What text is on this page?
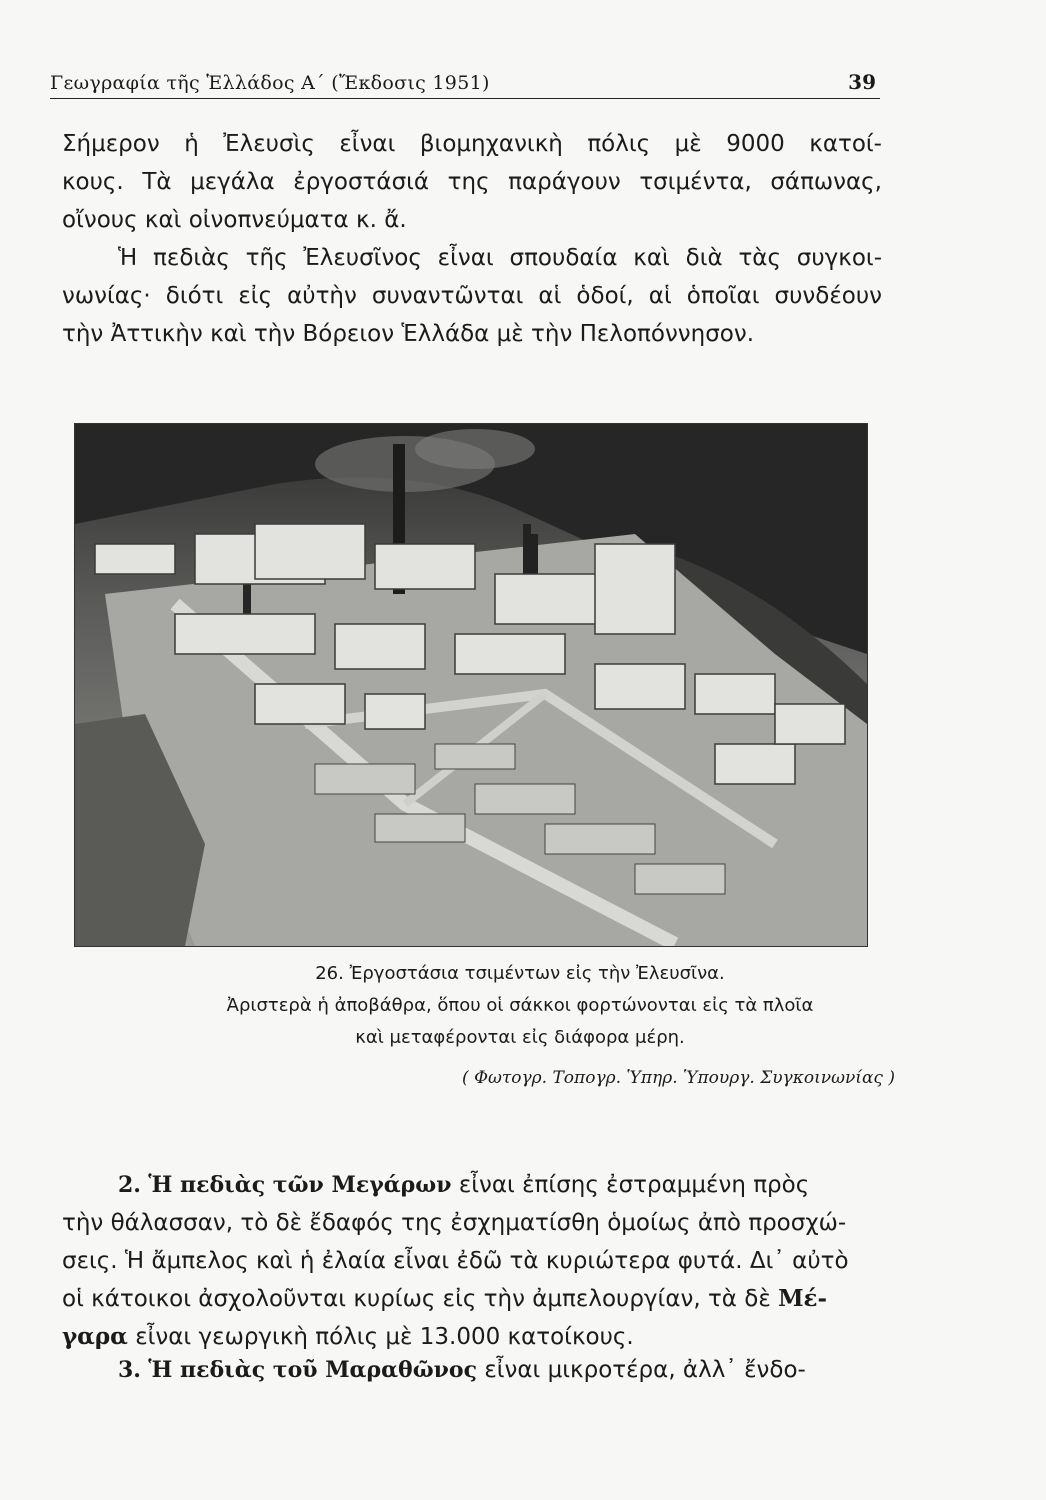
Γεωγραφία τῆς Ἑλλάδος Α΄ (Ἔκδοσις 1951)	39

Σήμερον ἡ Ἐλευσὶς εἶναι βιομηχανικὴ πόλις μὲ 9000 κατοί-
κους. Τὰ μεγάλα ἐργοστάσιά της παράγουν τσιμέντα, σάπωνας,
οἴνους καὶ οἰνοπνεύματα κ. ἄ.

Ἡ πεδιὰς τῆς Ἐλευσῖνος εἶναι σπουδαία καὶ διὰ τὰς συγκοι-
νωνίας· διότι εἰς αὐτὴν συναντῶνται αἱ ὁδοί, αἱ ὁποῖαι συνδέουν
τὴν Ἀττικὴν καὶ τὴν Βόρειον Ἑλλάδα μὲ τὴν Πελοπόννησον.

26. Ἐργοστάσια τσιμέντων εἰς τὴν Ἐλευσῖνα.
Ἀριστερὰ ἡ ἀποβάθρα, ὅπου οἱ σάκκοι φορτώνονται εἰς τὰ πλοῖα
καὶ μεταφέρονται εἰς διάφορα μέρη.
( Φωτογρ. Τοπογρ. Ὑπηρ. Ὑπουργ. Συγκοινωνίας )

2. Ἡ πεδιὰς τῶν Μεγάρων εἶναι ἐπίσης ἐστραμμένη πρὸς
τὴν θάλασσαν, τὸ δὲ ἔδαφός της ἐσχηματίσθη ὁμοίως ἀπὸ προσχώ-
σεις. Ἡ ἄμπελος καὶ ἡ ἐλαία εἶναι ἐδῶ τὰ κυριώτερα φυτά. Δι᾽ αὐτὸ
οἱ κάτοικοι ἀσχολοῦνται κυρίως εἰς τὴν ἀμπελουργίαν, τὰ δὲ Μέ-
γαρα εἶναι γεωργικὴ πόλις μὲ 13.000 κατοίκους.

3. Ἡ πεδιὰς τοῦ Μαραθῶνος εἶναι μικροτέρα, ἀλλ᾽ ἔνδο-
